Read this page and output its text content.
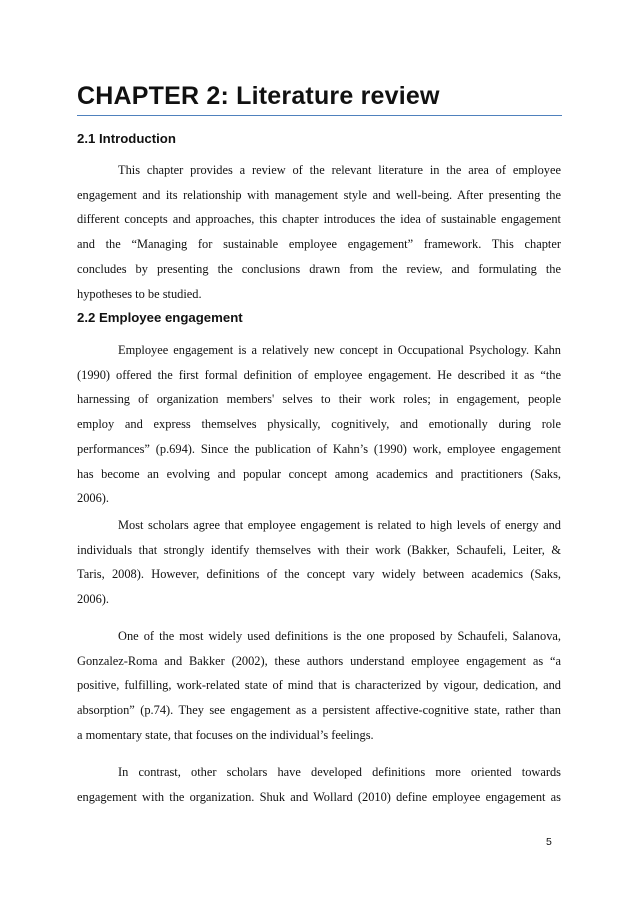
CHAPTER 2: Literature review
2.1 Introduction

This chapter provides a review of the relevant literature in the area of employee
engagement and its relationship with management style and well-being. After presenting the
different concepts and approaches, this chapter introduces the idea of sustainable engagement
and the “Managing for sustainable employee engagement” framework. This chapter
concludes by presenting the conclusions drawn from the review, and formulating the
hypotheses to be studied.

2.2 Employee engagement

Employee engagement is a relatively new concept in Occupational Psychology. Kahn
(1990) offered the first formal definition of employee engagement. He described it as “the
harnessing of organization members' selves to their work roles; in engagement, people
employ and express themselves physically, cognitively, and emotionally during role
performances” (p.694). Since the publication of Kahn’s (1990) work, employee engagement
has become an evolving and popular concept among academics and practitioners (Saks,
2006).

Most scholars agree that employee engagement is related to high levels of energy and
individuals that strongly identify themselves with their work (Bakker, Schaufeli, Leiter, &
Taris, 2008). However, definitions of the concept vary widely between academics (Saks,
2006).

One of the most widely used definitions is the one proposed by Schaufeli, Salanova,
Gonzalez-Roma and Bakker (2002), these authors understand employee engagement as “a
positive, fulfilling, work-related state of mind that is characterized by vigour, dedication, and
absorption” (p.74). They see engagement as a persistent affective-cognitive state, rather than
a momentary state, that focuses on the individual’s feelings.

In contrast, other scholars have developed definitions more oriented towards
engagement with the organization. Shuk and Wollard (2010) define employee engagement as

5
